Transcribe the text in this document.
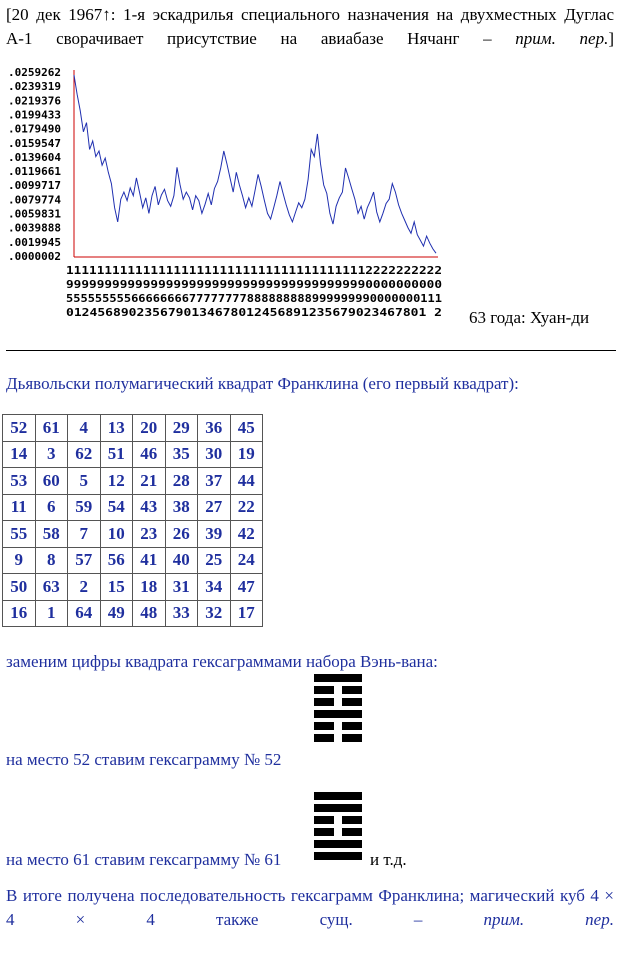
[20 дек 1967↑: 1-я эскадрилья специального назначения на двухместных Дуглас А-1 сворачивает присутствие на авиабазе Нячанг – прим. пер.]
.0259262
.0239319
.0219376
.0199433
.0179490
.0159547
.0139604
.0119661
.0099717
.0079774
.0059831
.0039888
.0019945
.0000002
1111111111111111111111111111111111111112222222222
9999999999999999999999999999999999999990000000000
5555555556666666677777777888888888999999990000000111
0124568902356790134678012456891235679023467801 2 63 года: Хуан-ди
Дьявольски полумагический квадрат Франклина (его первый квадрат):
52	61	4	13	20	29	36	45
14	3	62	51	46	35	30	19
53	60	5	12	21	28	37	44
11	6	59	54	43	38	27	22
55	58	7	10	23	26	39	42
9	8	57	56	41	40	25	24
50	63	2	15	18	31	34	47
16	1	64	49	48	33	32	17
заменим цифры квадрата гексаграммами набора Вэнь-вана:
на место 52 ставим гексаграмму № 52
на место 61 ставим гексаграмму № 61	и т.д.
В итоге получена последовательность гексаграмм Франклина; магический куб 4 × 4 × 4 также сущ. – прим. пер.
